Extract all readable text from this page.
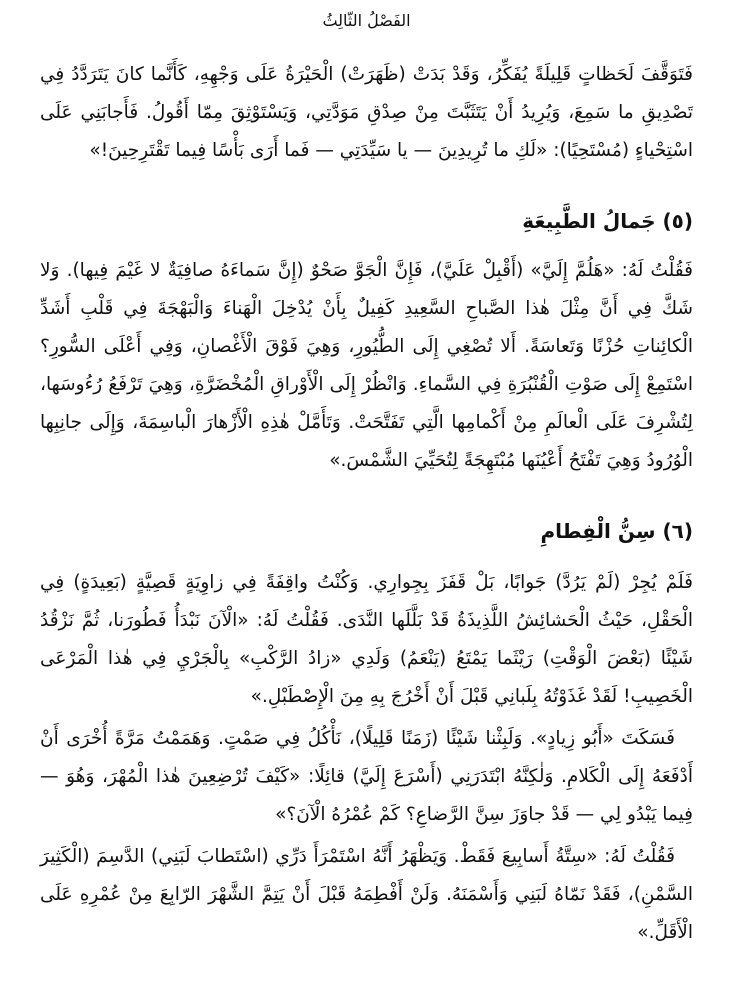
الفَصْلُ الثّالِثُ

فَتَوَقَّفَ لَحَظاتٍ قَلِيلَةً يُفَكِّرُ، وَقَدْ بَدَتْ (ظَهَرَتْ) الْحَيْرَةُ عَلَى وَجْهِهِ، كَأَنَّما كانَ يَتَرَدَّدُ فِي تَصْدِيقِ ما سَمِعَ، وَيُرِيدُ أَنْ يَتَثَبَّتَ مِنْ صِدْقِ مَوَدَّتِي، وَيَسْتَوْثِقَ مِمّا أَقُولُ. فَأَجابَنِي عَلَى اسْتِحْياءٍ (مُسْتَحِيًا): «لَكِ ما تُرِيدِينَ — يا سَيِّدَتِي — فَما أَرَى بَأْسًا فِيما تَقْتَرِحِينَ!»

(٥) جَمالُ الطَّبِيعَةِ

فَقُلْتُ لَهُ: «هَلُمَّ إِلَيَّ» (أَقْبِلْ عَلَيَّ)، فَإِنَّ الْجَوَّ صَحْوٌ (إِنَّ سَماءَهُ صافِيَةٌ لا غَيْمَ فِيها). وَلا شَكَّ فِي أَنَّ مِثْلَ هٰذا الصَّباحِ السَّعِيدِ كَفِيلٌ بِأَنْ يُدْخِلَ الْهَناءَ وَالْبَهْجَةَ فِي قَلْبِ أَشَدِّ الْكائِناتِ حُزْنًا وَتَعاسَةً. أَلا تُصْغِي إِلَى الطُّيُورِ، وَهِيَ فَوْقَ الْأَغْصانِ، وَفِي أَعْلَى السُّورِ؟ اسْتَمِعْ إِلَى صَوْتِ الْقُنْبُرَةِ فِي السَّماءِ. وَانْظُرْ إِلَى الْأَوْراقِ الْمُخْضَرَّةِ، وَهِيَ تَرْفَعُ رُءُوسَها، لِتُشْرِفَ عَلَى الْعالَمِ مِنْ أَكْمامِها الَّتِي تَفَتَّحَتْ. وَتَأَمَّلْ هٰذِهِ الْأَزْهارَ الْباسِمَةَ، وَإِلَى جانِبِها الْوُرُودُ وَهِيَ تَفْتَحُ أَعْيُنَها مُبْتَهِجَةً لِتُحَيِّيَ الشَّمْسَ.»

(٦) سِنُّ الْفِطامِ

فَلَمْ يُجِرْ (لَمْ يَرُدَّ) جَوابًا، بَلْ قَفَزَ بِجِوارِي. وَكُنْتُ واقِفَةً فِي زاوِيَةٍ قَصِيَّةٍ (بَعِيدَةٍ) فِي الْحَقْلِ، حَيْثُ الْحَشائِشُ اللَّذِيذَةُ قَدْ بَلَّلَها النَّدَى. فَقُلْتُ لَهُ: «الْآنَ نَبْدَأُ فَطُورَنا، ثُمَّ نَزْقُدُ شَيْئًا (بَعْضَ الْوَقْتِ) رَيْثَما يَمْتَعُ (يَنْعَمُ) وَلَدِي «زادُ الرَّكْبِ» بِالْجَرْيِ فِي هٰذا الْمَرْعَى الْخَصِيبِ! لَقَدْ غَذَوْتُهُ بِلَبانِي قَبْلَ أَنْ أَخْرُجَ بِهِ مِنَ الْإِصْطَبْلِ.»

فَسَكَتَ «أَبُو زِيادٍ». وَلَبِثْنا شَيْئًا (زَمَنًا قَلِيلًا)، نَأْكُلُ فِي صَمْتٍ. وَهَمَمْتُ مَرَّةً أُخْرَى أَنْ أَدْفَعَهُ إِلَى الْكَلامِ. وَلٰكِنَّهُ ابْتَدَرَنِي (أَسْرَعَ إِلَيَّ) قائِلًا: «كَيْفَ تُرْضِعِينَ هٰذا الْمُهْرَ، وَهُوَ — فِيما يَبْدُو لِي — قَدْ جاوَزَ سِنَّ الرَّضاعِ؟ كَمْ عُمْرُهُ الْآنَ؟»

فَقُلْتُ لَهُ: «سِتَّةُ أَسابِيعَ فَقَطْ. وَيَظْهَرُ أَنَّهُ اسْتَمْرَأَ دَرِّي (اسْتَطابَ لَبَنِي) الدَّسِمَ (الْكَثِيرَ السَّمْنِ)، فَقَدْ نَمّاهُ لَبَنِي وَأَسْمَنَهُ. وَلَنْ أَفْطِمَهُ قَبْلَ أَنْ يَتِمَّ الشَّهْرَ الرّابِعَ مِنْ عُمْرِهِ عَلَى الْأَقَلِّ.»
